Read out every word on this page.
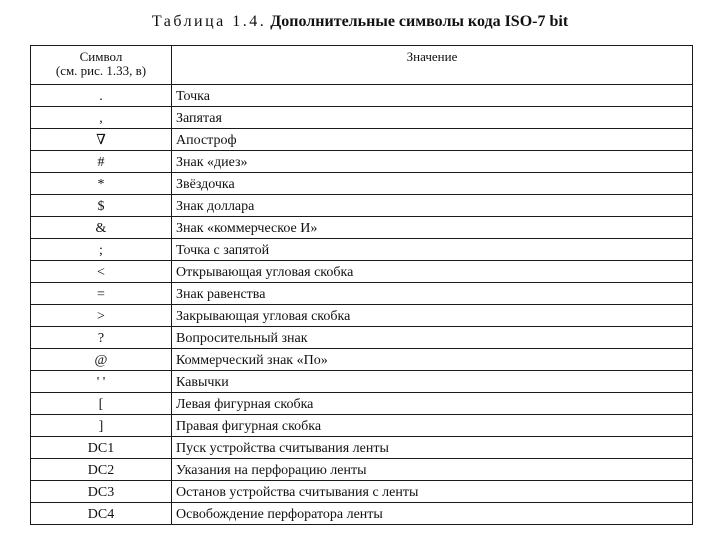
Таблица 1.4. Дополнительные символы кода ISO-7 bit
Символ
(см. рис. 1.33, в)	Значение
.	Точка
,	Запятая
∇	Апостроф
#	Знак «диез»
*	Звёздочка
$	Знак доллара
&	Знак «коммерческое И»
;	Точка с запятой
<	Открывающая угловая скобка
=	Знак равенства
>	Закрывающая угловая скобка
?	Вопросительный знак
@	Коммерческий знак «По»
' '	Кавычки
[	Левая фигурная скобка
]	Правая фигурная скобка
DC1	Пуск устройства считывания ленты
DC2	Указания на перфорацию ленты
DC3	Останов устройства считывания с ленты
DC4	Освобождение перфоратора ленты
